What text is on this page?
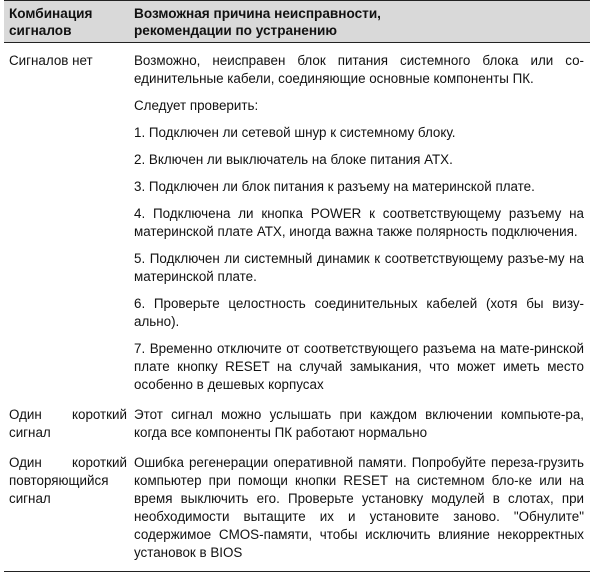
Комбинация
сигналов
Возможная причина неисправности,
рекомендации по устранению
Сигналов нет	Возможно, неисправен блок питания системного блока или со-единительные кабели, соединяющие основные компоненты ПК.

Следует проверить:

1. Подключен ли сетевой шнур к системному блоку.

2. Включен ли выключатель на блоке питания АТХ.

3. Подключен ли блок питания к разъему на материнской плате.

4. Подключена ли кнопка POWER к соответствующему разъему на материнской плате АТХ, иногда важна также полярность подключения.

5. Подключен ли системный динамик к соответствующему разъе-му на материнской плате.

6. Проверьте целостность соединительных кабелей (хотя бы визу-ально).

7. Временно отключите от соответствующего разъема на мате-ринской плате кнопку RESET на случай замыкания, что может иметь место особенно в дешевых корпусах

Один короткий
сигнал

Этот сигнал можно услышать при каждом включении компьюте-ра, когда все компоненты ПК работают нормально

Один короткий
повторяющийся
сигнал

Ошибка регенерации оперативной памяти. Попробуйте переза-грузить компьютер при помощи кнопки RESET на системном бло-ке или на время выключить его. Проверьте установку модулей в слотах, при необходимости вытащите их и установите заново. "Обнулите" содержимое CMOS-памяти, чтобы исключить влияние некорректных установок в BIOS
